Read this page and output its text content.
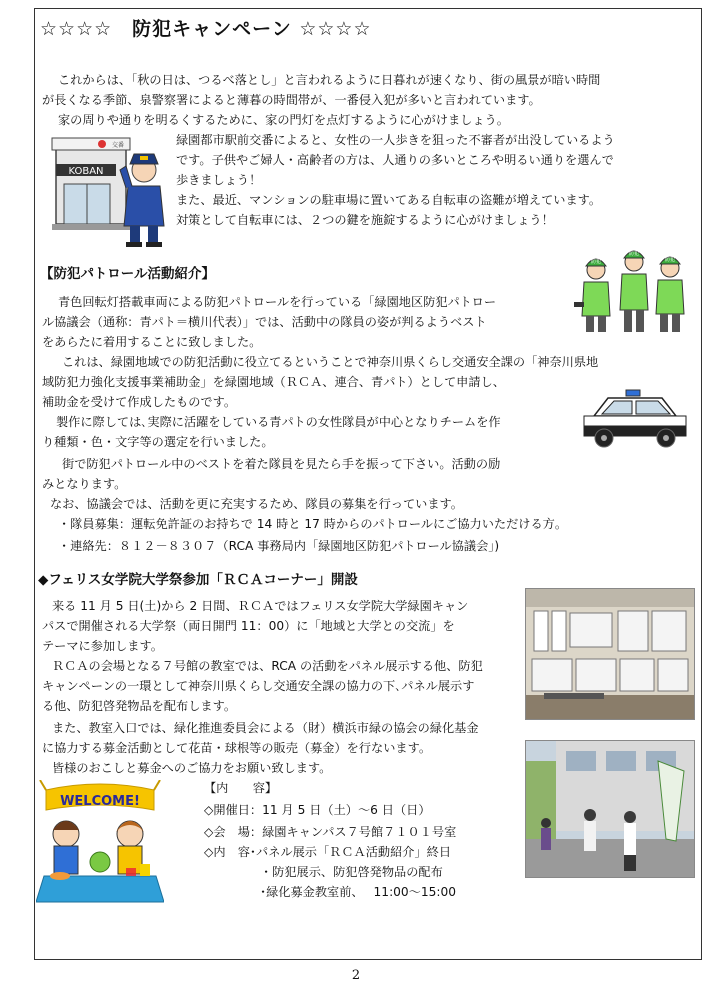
☆☆☆☆　防犯キャンペーン ☆☆☆☆
これからは、「秋の日は、つるべ落とし」と言われるように日暮れが速くなり、街の風景が暗い時間
が長くなる季節、泉警察署によると薄暮の時間帯が、一番侵入犯が多いと言われています。
家の周りや通りを明るくするために、家の門灯を点灯するように心がけましょう。
KOBAN
交番	緑園都市駅前交番によると、女性の一人歩きを狙った不審者が出没しているよう
です。子供やご婦人・高齢者の方は、人通りの多いところや明るい通りを選んで
歩きましょう！
また、最近、マンションの駐車場に置いてある自転車の盗難が増えています。
対策として自転車には、２つの鍵を施錠するように心がけましょう！
【防犯パトロール活動紹介】
防犯
防犯
防犯
青色回転灯搭載車両による防犯パトロールを行っている「緑園地区防犯パトロー
ル協議会（通称：青パト＝横川代表）」では、活動中の隊員の姿が判るようベスト
をあらたに着用することに致しました。
これは、緑園地域での防犯活動に役立てるということで神奈川県くらし交通安全課の「神奈川県地
域防犯力強化支援事業補助金」を緑園地域（ＲＣＡ、連合、青パト）として申請し、
補助金を受けて作成したものです。
製作に際しては､実際に活躍をしている青パトの女性隊員が中心となりチームを作
り種類・色・文字等の選定を行いました。
街で防犯パトロール中のベストを着た隊員を見たら手を振って下さい。活動の励
みとなります。
なお、協議会では、活動を更に充実するため、隊員の募集を行っています。
・隊員募集：運転免許証のお持ちで 14 時と 17 時からのパトロールにご協力いただける方。
・連絡先：８１２－８３０７（RCA 事務局内「緑園地区防犯パトロール協議会」)
◆フェリス女学院大学祭参加「ＲＣＡコーナー」開設
来る 11 月 5 日(土)から 2 日間、ＲＣＡではフェリス女学院大学緑園キャン
パスで開催される大学祭（両日開門 11：00）に「地域と大学との交流」を
テーマに参加します。
ＲＣＡの会場となる７号館の教室では、RCA の活動をパネル展示する他、防犯
キャンペーンの一環として神奈川県くらし交通安全課の協力の下､パネル展示す
る他、防犯啓発物品を配布します。
また、教室入口では、緑化推進委員会による（財）横浜市緑の協会の緑化基金
に協力する募金活動として花苗・球根等の販売（募金）を行ないます。
皆様のおこしと募金へのご協力をお願い致します。
WELCOME!
【内　　容】
◇開催日：11 月 5 日（土）～6 日（日）
◇会　場：緑園キャンパス７号館７１０１号室
◇内　容･パネル展示「ＲＣＡ活動紹介」終日
・防犯展示、防犯啓発物品の配布
･緑化募金教室前、　 11:00～15:00
2
